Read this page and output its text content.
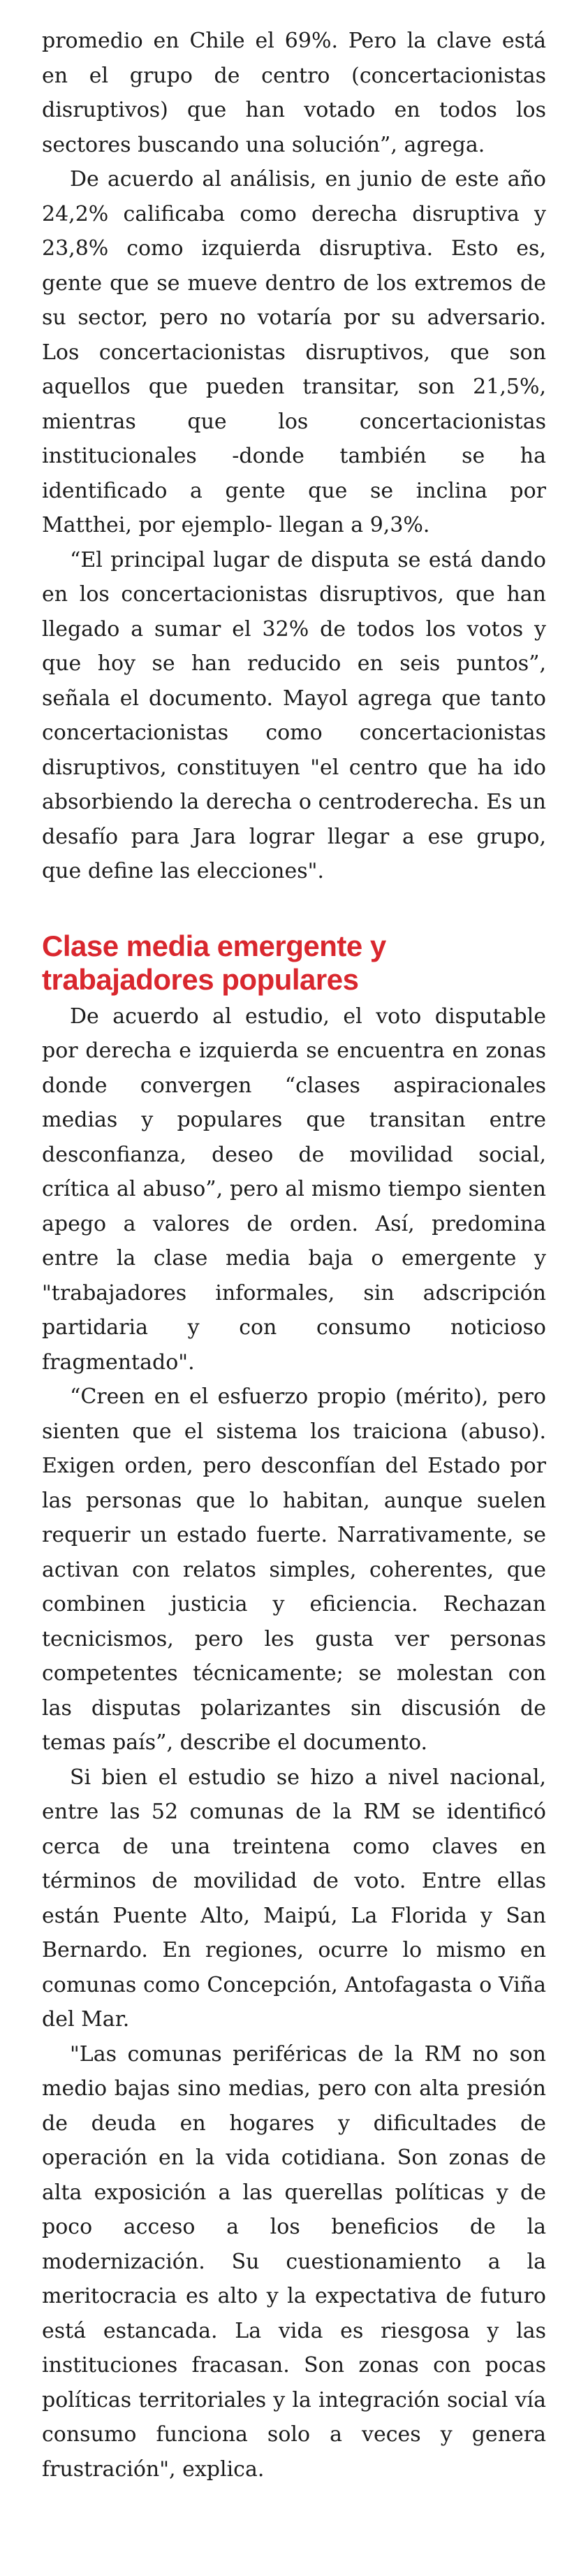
promedio en Chile el 69%. Pero la clave está en el grupo de centro (concertacionistas disruptivos) que han votado en todos los sectores buscando una solución”, agrega.

De acuerdo al análisis, en junio de este año 24,2% calificaba como derecha disruptiva y 23,8% como izquierda disruptiva. Esto es, gente que se mueve dentro de los extremos de su sector, pero no votaría por su adversario. Los concertacionistas disruptivos, que son aquellos que pueden transitar, son 21,5%, mientras que los concertacionistas institucionales -donde también se ha identificado a gente que se inclina por Matthei, por ejemplo- llegan a 9,3%.

“El principal lugar de disputa se está dando en los concertacionistas disruptivos, que han llegado a sumar el 32% de todos los votos y que hoy se han reducido en seis puntos”, señala el documento. Mayol agrega que tanto concertacionistas como concertacionistas disruptivos, constituyen "el centro que ha ido absorbiendo la derecha o centroderecha. Es un desafío para Jara lograr llegar a ese grupo, que define las elecciones".

Clase media emergente y
trabajadores populares

De acuerdo al estudio, el voto disputable por derecha e izquierda se encuentra en zonas donde convergen “clases aspiracionales medias y populares que transitan entre desconfianza, deseo de movilidad social, crítica al abuso”, pero al mismo tiempo sienten apego a valores de orden. Así, predomina entre la clase media baja o emergente y "trabajadores informales, sin adscripción partidaria y con consumo noticioso fragmentado".

“Creen en el esfuerzo propio (mérito), pero sienten que el sistema los traiciona (abuso). Exigen orden, pero desconfían del Estado por las personas que lo habitan, aunque suelen requerir un estado fuerte. Narrativamente, se activan con relatos simples, coherentes, que combinen justicia y eficiencia. Rechazan tecnicismos, pero les gusta ver personas competentes técnicamente; se molestan con las disputas polarizantes sin discusión de temas país”, describe el documento.

Si bien el estudio se hizo a nivel nacional, entre las 52 comunas de la RM se identificó cerca de una treintena como claves en términos de movilidad de voto. Entre ellas están Puente Alto, Maipú, La Florida y San Bernardo. En regiones, ocurre lo mismo en comunas como Concepción, Antofagasta o Viña del Mar.

"Las comunas periféricas de la RM no son medio bajas sino medias, pero con alta presión de deuda en hogares y dificultades de operación en la vida cotidiana. Son zonas de alta exposición a las querellas políticas y de poco acceso a los beneficios de la modernización. Su cuestionamiento a la meritocracia es alto y la expectativa de futuro está estancada. La vida es riesgosa y las instituciones fracasan. Son zonas con pocas políticas territoriales y la integración social vía consumo funciona solo a veces y genera frustración", explica.
